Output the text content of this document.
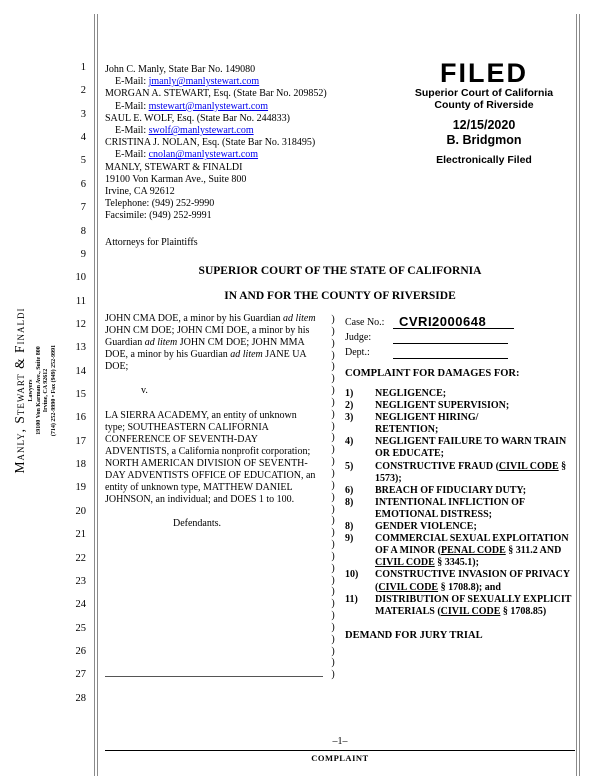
Manly, Stewart & Finaldi Lawyers 19100 Von Karman Ave., Suite 800 Irvine, CA 92612 (714) 252-9990 • Fax (949) 252-9991
1
2
3
4
5
6
7
8
9
10
11
12
13
14
15
16
17
18
19
20
21
22
23
24
25
26
27
28
John C. Manly, State Bar No. 149080
E-Mail: jmanly@manlystewart.com
MORGAN A. STEWART, Esq. (State Bar No. 209852)
E-Mail: mstewart@manlystewart.com
SAUL E. WOLF, Esq. (State Bar No. 244833)
E-Mail: swolf@manlystewart.com
CRISTINA J. NOLAN, Esq. (State Bar No. 318495)
E-Mail: cnolan@manlystewart.com
MANLY, STEWART & FINALDI
19100 Von Karman Ave., Suite 800
Irvine, CA 92612
Telephone: (949) 252-9990
Facsimile: (949) 252-9991
Attorneys for Plaintiffs
FILED
Superior Court of California
County of Riverside
12/15/2020
B. Bridgmon
Electronically Filed
SUPERIOR COURT OF THE STATE OF CALIFORNIA
IN AND FOR THE COUNTY OF RIVERSIDE
JOHN CMA DOE, a minor by his Guardian ad litem JOHN CM DOE; JOHN CMI DOE, a minor by his Guardian ad litem JOHN CM DOE; JOHN MMA DOE, a minor by his Guardian ad litem JANE UA DOE;
v.
LA SIERRA ACADEMY, an entity of unknown type; SOUTHEASTERN CALIFORNIA CONFERENCE OF SEVENTH-DAY ADVENTISTS, a California nonprofit corporation; NORTH AMERICAN DIVISION OF SEVENTH-DAY ADVENTISTS OFFICE OF EDUCATION, an entity of unknown type, MATTHEW DANIEL JOHNSON, an individual; and DOES 1 to 100.
Defendants.
)
)
)
)
)
)
)
)
)
)
)
)
)
)
)
)
)
)
)
)
)
)
)
)
)
)
)
)
)
)
)
Case No.:	CVRI2000648
Judge:
Dept.:
COMPLAINT FOR DAMAGES FOR:
1)	NEGLIGENCE;
2)	NEGLIGENT SUPERVISION;
3)	NEGLIGENT HIRING/
RETENTION;
4)	NEGLIGENT FAILURE TO WARN TRAIN OR EDUCATE;
5)	CONSTRUCTIVE FRAUD (CIVIL CODE § 1573);
6)	BREACH OF FIDUCIARY DUTY;
8)	INTENTIONAL INFLICTION OF EMOTIONAL DISTRESS;
8)	GENDER VIOLENCE;
9)	COMMERCIAL SEXUAL EXPLOITATION OF A MINOR (PENAL CODE § 311.2 AND CIVIL CODE § 3345.1);
10)	CONSTRUCTIVE INVASION OF PRIVACY (CIVIL CODE § 1708.8); and
11)	DISTRIBUTION OF SEXUALLY EXPLICIT MATERIALS (CIVIL CODE § 1708.85)
DEMAND FOR JURY TRIAL
–1–
COMPLAINT
